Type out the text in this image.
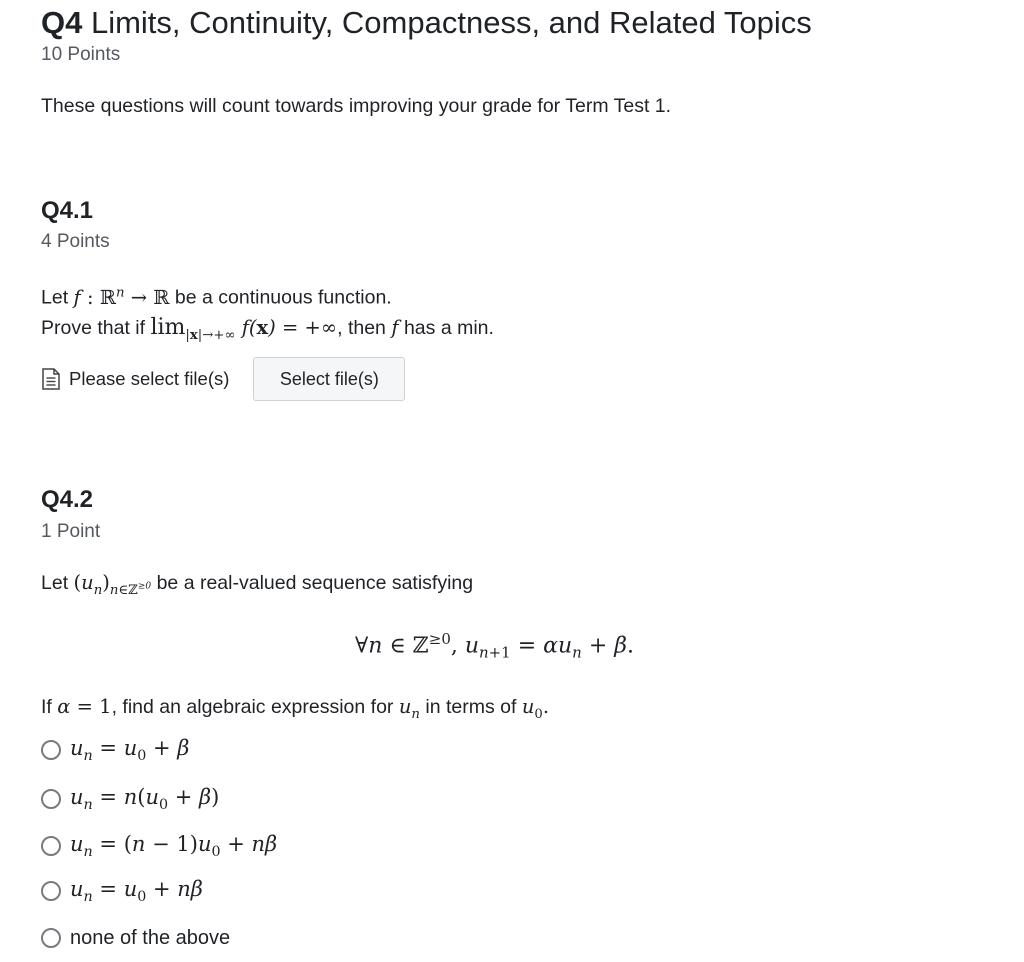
Q4 Limits, Continuity, Compactness, and Related Topics
10 Points
These questions will count towards improving your grade for Term Test 1.
Q4.1
4 Points
Let f : ℝ$^n$ → ℝ be a continuous function.
Prove that if $\lim_{|x|\to+\infty} f(x)$ = +∞, then f has a min.
Please select file(s)	Select file(s)
Q4.2
1 Point
Let $(u_n)_{n\in ℤ^{\ge 0}}$ be a real-valued sequence satisfying
∀n ∈ ℤ$^{\ge 0}$, $u_{n+1} = \alpha u_n + \beta$.
If α = 1, find an algebraic expression for $u_n$ in terms of $u_0$.
$u_n = u_0 + \beta$
$u_n = n(u_0 + \beta)$
$u_n = (n - 1)u_0 + n\beta$
$u_n = u_0 + n\beta$
none of the above
